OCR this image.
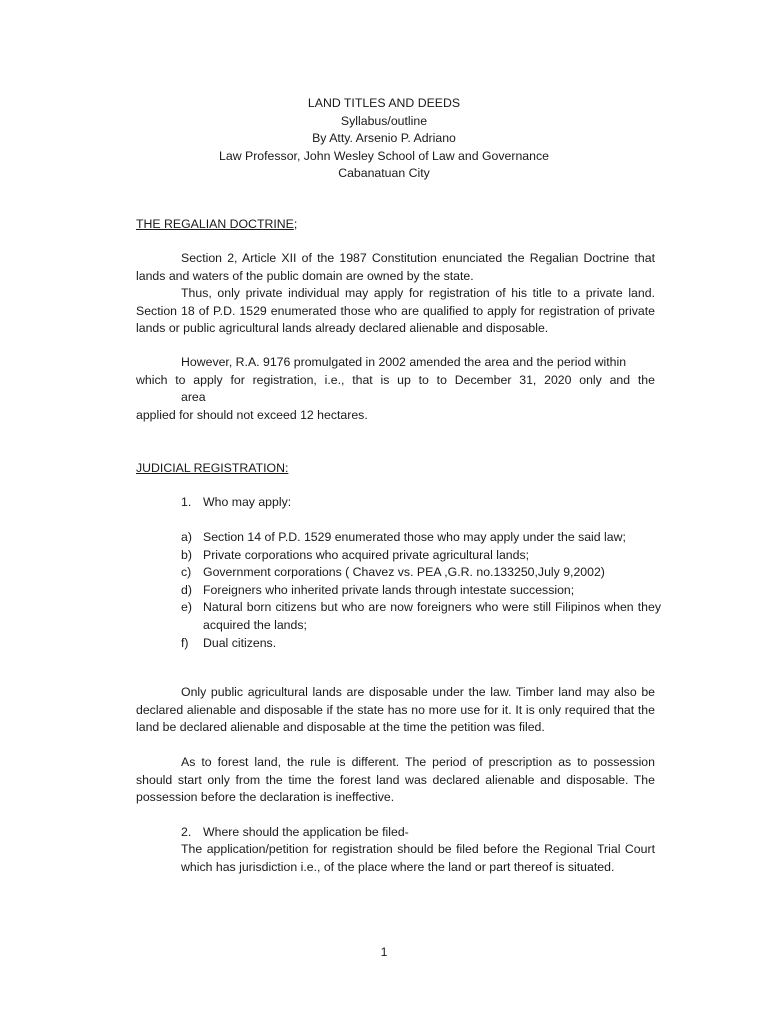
LAND TITLES AND DEEDS
Syllabus/outline
By Atty. Arsenio P. Adriano
Law Professor, John Wesley School of Law and Governance
Cabanatuan City
THE REGALIAN DOCTRINE;
Section 2, Article XII of the 1987 Constitution enunciated the Regalian Doctrine that lands and waters of the public domain are owned by the state.
Thus, only private individual may apply for registration of his title to a private land. Section 18 of P.D. 1529 enumerated those who are qualified to apply for registration of private lands or public agricultural lands already declared alienable and disposable.
However, R.A. 9176 promulgated in 2002 amended the area and the period within
which to apply for registration, i.e., that is up to to December 31, 2020 only and the
area
applied for should not exceed 12 hectares.
JUDICIAL REGISTRATION:
1. Who may apply:
a) Section 14 of P.D. 1529 enumerated those who may apply under the said law;
b) Private corporations who acquired private agricultural lands;
c) Government corporations ( Chavez vs. PEA ,G.R. no.133250,July 9,2002)
d) Foreigners who inherited private lands through intestate succession;
e) Natural born citizens but who are now foreigners who were still Filipinos when they acquired the lands;
f) Dual citizens.
Only public agricultural lands are disposable under the law. Timber land may also be declared alienable and disposable if the state has no more use for it. It is only required that the land be declared alienable and disposable at the time the petition was filed.
As to forest land, the rule is different. The period of prescription as to possession should start only from the time the forest land was declared alienable and disposable. The possession before the declaration is ineffective.
2. Where should the application be filed-
The application/petition for registration should be filed before the Regional Trial Court which has jurisdiction i.e., of the place where the land or part thereof is situated.
1
